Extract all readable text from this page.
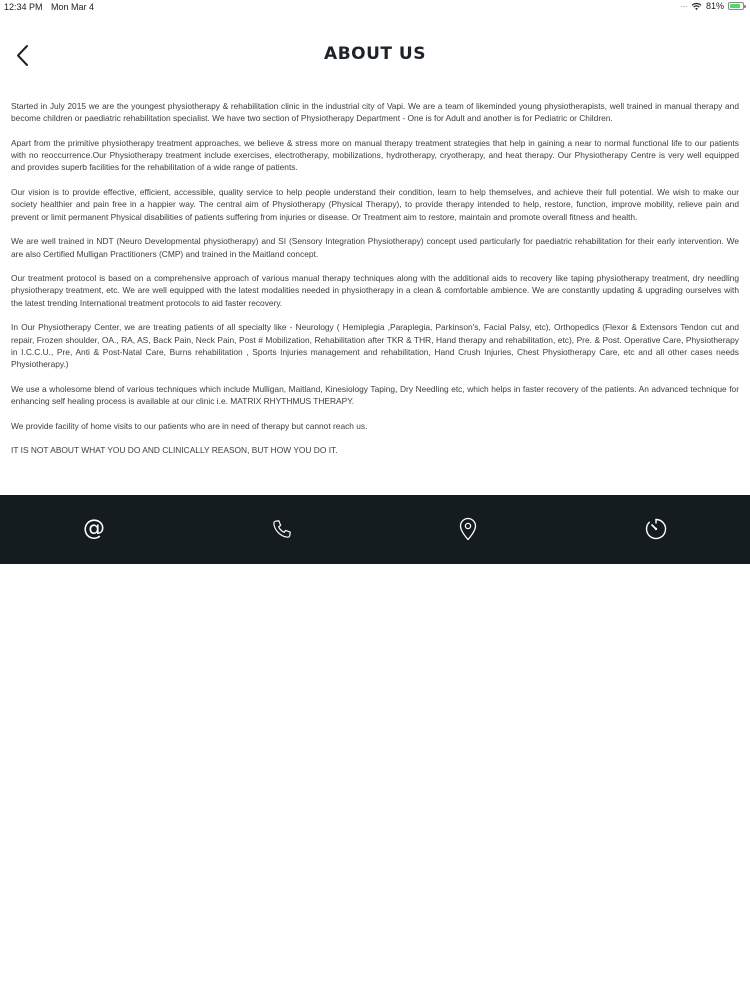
12:34 PM Mon Mar 4	···· 81%
ABOUT US

Started in July 2015 we are the youngest physiotherapy & rehabilitation clinic in the industrial city of Vapi. We are a team of likeminded young physiotherapists, well trained in manual therapy and become children or paediatric rehabilitation specialist. We have two section of Physiotherapy Department - One is for Adult and another is for Pediatric or Children.

Apart from the primitive physiotherapy treatment approaches, we believe & stress more on manual therapy treatment strategies that help in gaining a near to normal functional life to our patients with no reoccurrence.Our Physiotherapy treatment include exercises, electrotherapy, mobilizations, hydrotherapy, cryotherapy, and heat therapy. Our Physiotherapy Centre is very well equipped and provides superb facilities for the rehabilitation of a wide range of patients.

Our vision is to provide effective, efficient, accessible, quality service to help people understand their condition, learn to help themselves, and achieve their full potential. We wish to make our society healthier and pain free in a happier way. The central aim of Physiotherapy (Physical Therapy), to provide therapy intended to help, restore, function, improve mobility, relieve pain and prevent or limit permanent Physical disabilities of patients suffering from injuries or disease. Or Treatment aim to restore, maintain and promote overall fitness and health.

We are well trained in NDT (Neuro Developmental physiotherapy) and SI (Sensory Integration Physiotherapy) concept used particularly for paediatric rehabilitation for their early intervention. We are also Certified Mulligan Practitioners (CMP) and trained in the Maitland concept.

Our treatment protocol is based on a comprehensive approach of various manual therapy techniques along with the additional aids to recovery like taping physiotherapy treatment, dry needling physiotherapy treatment, etc. We are well equipped with the latest modalities needed in physiotherapy in a clean & comfortable ambience. We are constantly updating & upgrading ourselves with the latest trending International treatment protocols to aid faster recovery.

In Our Physiotherapy Center, we are treating patients of all specialty like - Neurology ( Hemiplegia ,Paraplegia, Parkinson's, Facial Palsy, etc), Orthopedics (Flexor & Extensors Tendon cut and repair, Frozen shoulder, OA., RA, AS, Back Pain, Neck Pain, Post # Mobilization, Rehabilitation after TKR & THR, Hand therapy and rehabilitation, etc), Pre. & Post. Operative Care, Physiotherapy in I.C.C.U., Pre, Anti & Post-Natal Care, Burns rehabilitation , Sports Injuries management and rehabilitation, Hand Crush Injuries, Chest Physiotherapy Care, etc and all other cases needs Physiotherapy.)

We use a wholesome blend of various techniques which include Mulligan, Maitland, Kinesiology Taping, Dry Needling etc, which helps in faster recovery of the patients. An advanced technique for enhancing self healing process is available at our clinic i.e. MATRIX RHYTHMUS THERAPY.

We provide facility of home visits to our patients who are in need of therapy but cannot reach us.

IT IS NOT ABOUT WHAT YOU DO AND CLINICALLY REASON, BUT HOW YOU DO IT.

@
